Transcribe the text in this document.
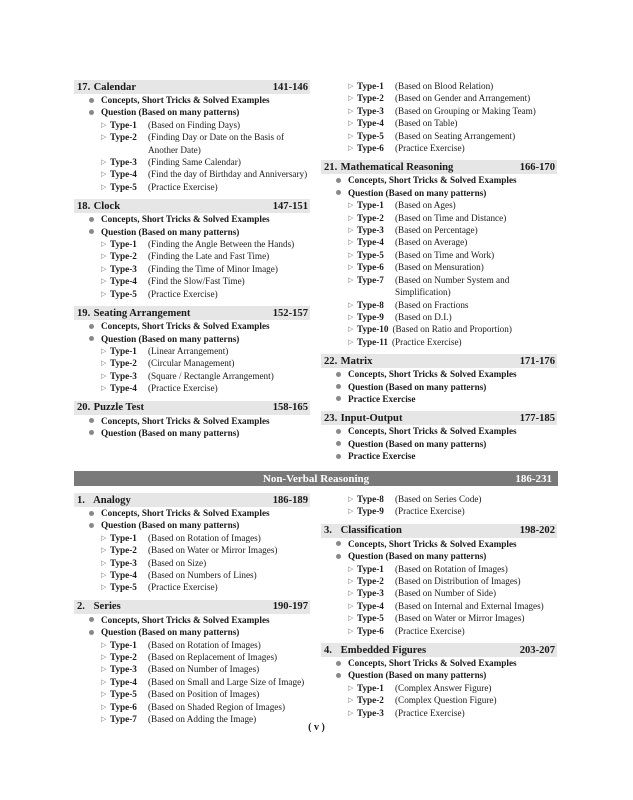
17. Calendar	141-146
Concepts, Short Tricks & Solved Examples
Question (Based on many patterns)
▷ Type-1	(Based on Finding Days)
▷ Type-2	(Finding Day or Date on the Basis of Another Date)
▷ Type-3	(Finding Same Calendar)
▷ Type-4	(Find the day of Birthday and Anniversary)
▷ Type-5	(Practice Exercise)
18. Clock	147-151
Concepts, Short Tricks & Solved Examples
Question (Based on many patterns)
▷ Type-1	(Finding the Angle Between the Hands)
▷ Type-2	(Finding the Late and Fast Time)
▷ Type-3	(Finding the Time of Minor Image)
▷ Type-4	(Find the Slow/Fast Time)
▷ Type-5	(Practice Exercise)
19. Seating Arrangement	152-157
Concepts, Short Tricks & Solved Examples
Question (Based on many patterns)
▷ Type-1	(Linear Arrangement)
▷ Type-2	(Circular Management)
▷ Type-3	(Square / Rectangle Arrangement)
▷ Type-4	(Practice Exercise)
20. Puzzle Test	158-165
Concepts, Short Tricks & Solved Examples
Question (Based on many patterns)
▷ Type-1	(Based on Blood Relation)
▷ Type-2	(Based on Gender and Arrangement)
▷ Type-3	(Based on Grouping or Making Team)
▷ Type-4	(Based on Table)
▷ Type-5	(Based on Seating Arrangement)
▷ Type-6	(Practice Exercise)
21. Mathematical Reasoning	166-170
Concepts, Short Tricks & Solved Examples
Question (Based on many patterns)
▷ Type-1	(Based on Ages)
▷ Type-2	(Based on Time and Distance)
▷ Type-3	(Based on Percentage)
▷ Type-4	(Based on Average)
▷ Type-5	(Based on Time and Work)
▷ Type-6	(Based on Mensuration)
▷ Type-7	(Based on Number System and Simplification)
▷ Type-8	(Based on Fractions
▷ Type-9	(Based on D.I.)
▷ Type-10 (Based on Ratio and Proportion)
▷ Type-11 (Practice Exercise)
22. Matrix	171-176
Concepts, Short Tricks & Solved Examples
Question (Based on many patterns)
Practice Exercise
23. Input-Output	177-185
Concepts, Short Tricks & Solved Examples
Question (Based on many patterns)
Practice Exercise
Non-Verbal Reasoning	186-231
1. Analogy	186-189
Concepts, Short Tricks & Solved Examples
Question (Based on many patterns)
▷ Type-1	(Based on Rotation of Images)
▷ Type-2	(Based on Water or Mirror Images)
▷ Type-3	(Based on Size)
▷ Type-4	(Based on Numbers of Lines)
▷ Type-5	(Practice Exercise)
2. Series	190-197
Concepts, Short Tricks & Solved Examples
Question (Based on many patterns)
▷ Type-1	(Based on Rotation of Images)
▷ Type-2	(Based on Replacement of Images)
▷ Type-3	(Based on Number of Images)
▷ Type-4	(Based on Small and Large Size of Image)
▷ Type-5	(Based on Position of Images)
▷ Type-6	(Based on Shaded Region of Images)
▷ Type-7	(Based on Adding the Image)
▷ Type-8	(Based on Series Code)
▷ Type-9	(Practice Exercise)
3. Classification	198-202
Concepts, Short Tricks & Solved Examples
Question (Based on many patterns)
▷ Type-1	(Based on Rotation of Images)
▷ Type-2	(Based on Distribution of Images)
▷ Type-3	(Based on Number of Side)
▷ Type-4	(Based on Internal and External Images)
▷ Type-5	(Based on Water or Mirror Images)
▷ Type-6	(Practice Exercise)
4. Embedded Figures	203-207
Concepts, Short Tricks & Solved Examples
Question (Based on many patterns)
▷ Type-1	(Complex Answer Figure)
▷ Type-2	(Complex Question Figure)
▷ Type-3	(Practice Exercise)
( v )
